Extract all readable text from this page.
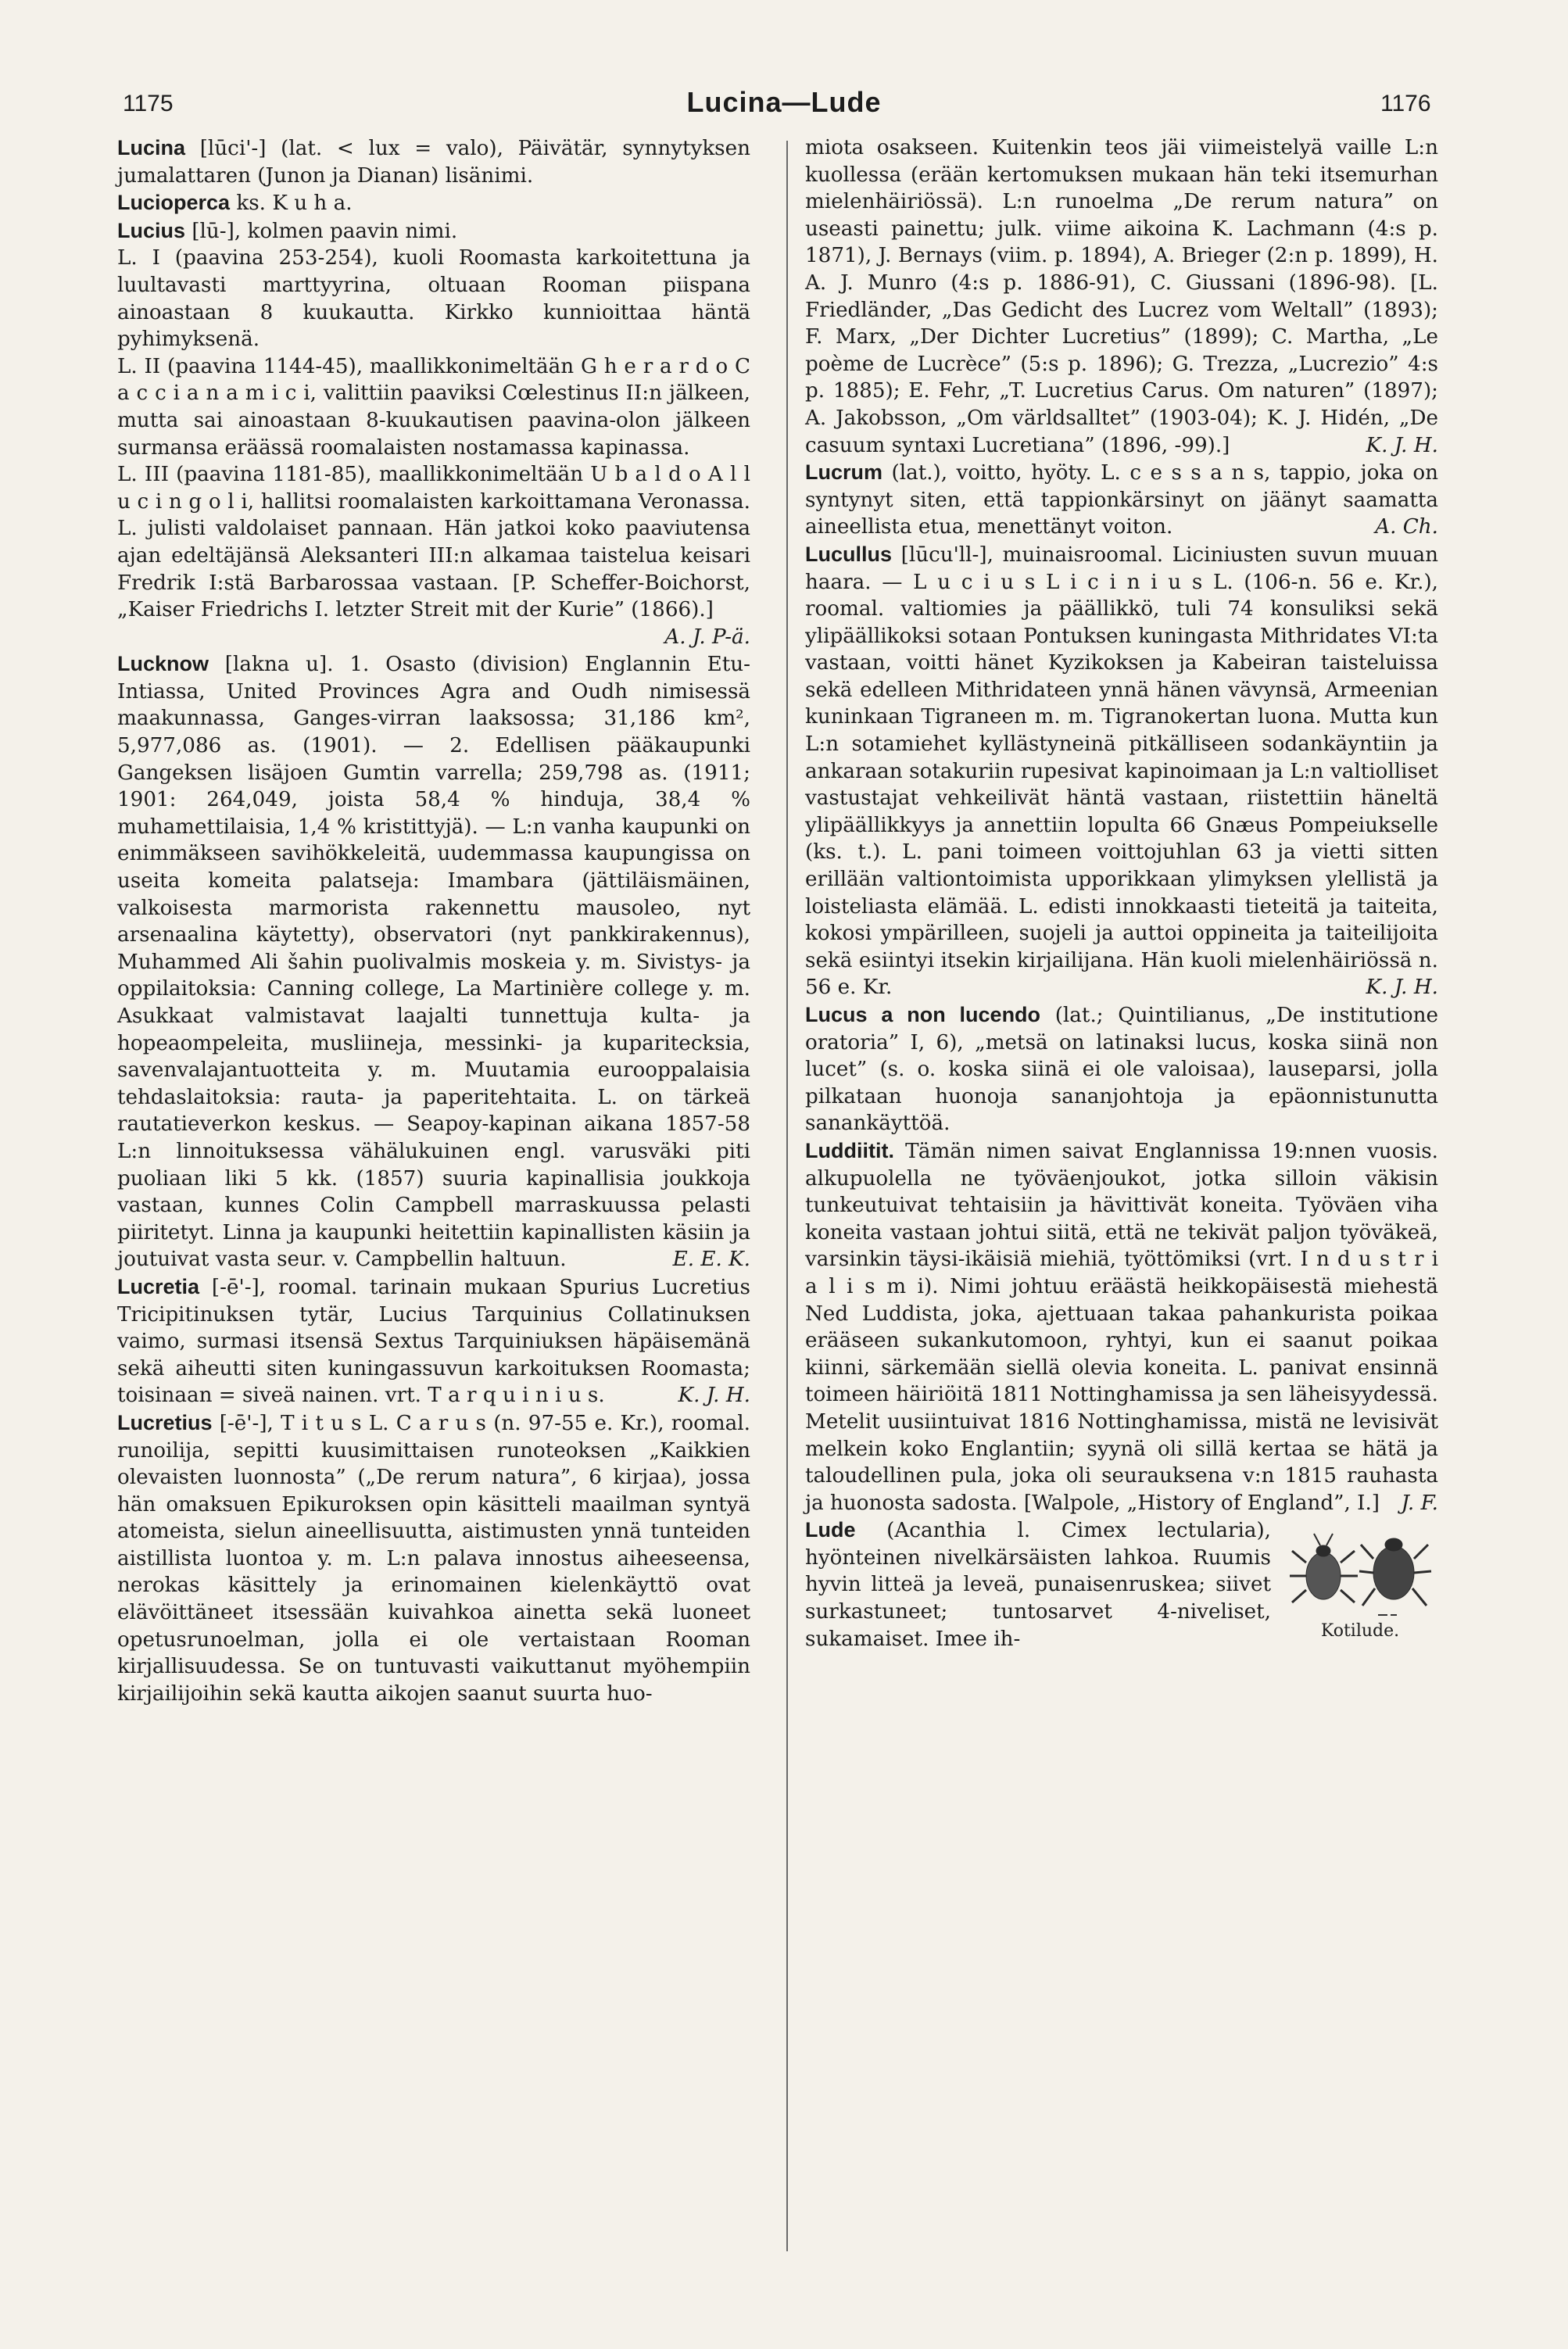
1175	Lucina—Lude	1176

Lucina [lūci'-] (lat. < lux = valo), Päivätär, synnytyksen jumalattaren (Junon ja Dianan) lisänimi.

Lucioperca ks. K u h a.

Lucius [lū-], kolmen paavin nimi.

L. I (paavina 253-254), kuoli Roomasta karkoitettuna ja luultavasti marttyyrina, oltuaan Rooman piispana ainoastaan 8 kuukautta. Kirkko kunnioittaa häntä pyhimyksenä.

L. II (paavina 1144-45), maallikkonimeltään G h e r a r d o C a c c i a n a m i c i, valittiin paaviksi Cœlestinus II:n jälkeen, mutta sai ainoastaan 8-kuukautisen paavina-olon jälkeen surmansa eräässä roomalaisten nostamassa kapinassa.

L. III (paavina 1181-85), maallikkonimeltään U b a l d o A l l u c i n g o l i, hallitsi roomalaisten karkoittamana Veronassa. L. julisti valdolaiset pannaan. Hän jatkoi koko paaviutensa ajan edeltäjänsä Aleksanteri III:n alkamaa taistelua keisari Fredrik I:stä Barbarossaa vastaan. [P. Scheffer-Boichorst, „Kaiser Friedrichs I. letzter Streit mit der Kurie” (1866).]
A. J. P-ä.

Lucknow [lakna u]. 1. Osasto (division) Englannin Etu-Intiassa, United Provinces Agra and Oudh nimisessä maakunnassa, Ganges-virran laaksossa; 31,186 km², 5,977,086 as. (1901). — 2. Edellisen pääkaupunki Gangeksen lisäjoen Gumtin varrella; 259,798 as. (1911; 1901: 264,049, joista 58,4 % hinduja, 38,4 % muhamettilaisia, 1,4 % kristittyjä). — L:n vanha kaupunki on enimmäkseen savihökkeleitä, uudemmassa kaupungissa on useita komeita palatseja: Imambara (jättiläismäinen, valkoisesta marmorista rakennettu mausoleo, nyt arsenaalina käytetty), observatori (nyt pankkirakennus), Muhammed Ali šahin puolivalmis moskeia y. m. Sivistys- ja oppilaitoksia: Canning college, La Martinière college y. m. Asukkaat valmistavat laajalti tunnettuja kulta- ja hopeaompeleita, musliineja, messinki- ja kuparitecksia, savenvalajantuotteita y. m. Muutamia eurooppalaisia tehdaslaitoksia: rauta- ja paperitehtaita. L. on tärkeä rautatieverkon keskus. — Seapoy-kapinan aikana 1857-58 L:n linnoituksessa vähälukuinen engl. varusväki piti puoliaan liki 5 kk. (1857) suuria kapinallisia joukkoja vastaan, kunnes Colin Campbell marraskuussa pelasti piiritetyt. Linna ja kaupunki heitettiin kapinallisten käsiin ja joutuivat vasta seur. v. Campbellin haltuun.	E. E. K.

Lucretia [-ē'-], roomal. tarinain mukaan Spurius Lucretius Tricipitinuksen tytär, Lucius Tarquinius Collatinuksen vaimo, surmasi itsensä Sextus Tarquiniuksen häpäisemänä sekä aiheutti siten kuningassuvun karkoituksen Roomasta; toisinaan = siveä nainen. vrt. T a r q u i n i u s.	K. J. H.

Lucretius [-ē'-], T i t u s L. C a r u s (n. 97-55 e. Kr.), roomal. runoilija, sepitti kuusimittaisen runoteoksen „Kaikkien olevaisten luonnosta” („De rerum natura”, 6 kirjaa), jossa hän omaksuen Epikuroksen opin käsitteli maailman syntyä atomeista, sielun aineellisuutta, aistimusten ynnä tunteiden aistillista luontoa y. m. L:n palava innostus aiheeseensa, nerokas käsittely ja erinomainen kielenkäyttö ovat elävöittäneet itsessään kuivahkoa ainetta sekä luoneet opetusrunoelman, jolla ei ole vertaistaan Rooman kirjallisuudessa. Se on tuntuvasti vaikuttanut myöhempiin kirjailijoihin sekä kautta aikojen saanut suurta huo-

miota osakseen. Kuitenkin teos jäi viimeistelyä vaille L:n kuollessa (erään kertomuksen mukaan hän teki itsemurhan mielenhäiriössä). L:n runoelma „De rerum natura” on useasti painettu; julk. viime aikoina K. Lachmann (4:s p. 1871), J. Bernays (viim. p. 1894), A. Brieger (2:n p. 1899), H. A. J. Munro (4:s p. 1886-91), C. Giussani (1896-98). [L. Friedländer, „Das Gedicht des Lucrez vom Weltall” (1893); F. Marx, „Der Dichter Lucretius” (1899); C. Martha, „Le poème de Lucrèce” (5:s p. 1896); G. Trezza, „Lucrezio” 4:s p. 1885); E. Fehr, „T. Lucretius Carus. Om naturen” (1897); A. Jakobsson, „Om världsalltet” (1903-04); K. J. Hidén, „De casuum syntaxi Lucretiana” (1896, -99).]	K. J. H.

Lucrum (lat.), voitto, hyöty. L. c e s s a n s, tappio, joka on syntynyt siten, että tappionkärsinyt on jäänyt saamatta aineellista etua, menettänyt voiton.	A. Ch.

Lucullus [lūcu'll-], muinaisroomal. Liciniusten suvun muuan haara. — L u c i u s L i c i n i u s L. (106-n. 56 e. Kr.), roomal. valtiomies ja päällikkö, tuli 74 konsuliksi sekä ylipäällikoksi sotaan Pontuksen kuningasta Mithridates VI:ta vastaan, voitti hänet Kyzikoksen ja Kabeiran taisteluissa sekä edelleen Mithridateen ynnä hänen vävynsä, Armeenian kuninkaan Tigraneen m. m. Tigranokertan luona. Mutta kun L:n sotamiehet kyllästyneinä pitkälliseen sodankäyntiin ja ankaraan sotakuriin rupesivat kapinoimaan ja L:n valtiolliset vastustajat vehkeilivät häntä vastaan, riistettiin häneltä ylipäällikkyys ja annettiin lopulta 66 Gnæus Pompeiukselle (ks. t.). L. pani toimeen voittojuhlan 63 ja vietti sitten erillään valtiontoimista upporikkaan ylimyksen ylellistä ja loisteliasta elämää. L. edisti innokkaasti tieteitä ja taiteita, kokosi ympärilleen, suojeli ja auttoi oppineita ja taiteilijoita sekä esiintyi itsekin kirjailijana. Hän kuoli mielenhäiriössä n. 56 e. Kr.	K. J. H.

Lucus a non lucendo (lat.; Quintilianus, „De institutione oratoria” I, 6), „metsä on latinaksi lucus, koska siinä non lucet” (s. o. koska siinä ei ole valoisaa), lauseparsi, jolla pilkataan huonoja sananjohtoja ja epäonnistunutta sanankäyttöä.

Luddiitit. Tämän nimen saivat Englannissa 19:nnen vuosis. alkupuolella ne työväenjoukot, jotka silloin väkisin tunkeutuivat tehtaisiin ja hävittivät koneita. Työväen viha koneita vastaan johtui siitä, että ne tekivät paljon työväkeä, varsinkin täysi-ikäisiä miehiä, työttömiksi (vrt. I n d u s t r i a l i s m i). Nimi johtuu eräästä heikkopäisestä miehestä Ned Luddista, joka, ajettuaan takaa pahankurista poikaa erääseen sukankutomoon, ryhtyi, kun ei saanut poikaa kiinni, särkemään siellä olevia koneita. L. panivat ensinnä toimeen häiriöitä 1811 Nottinghamissa ja sen läheisyydessä. Metelit uusiintuivat 1816 Nottinghamissa, mistä ne levisivät melkein koko Englantiin; syynä oli sillä kertaa se hätä ja taloudellinen pula, joka oli seurauksena v:n 1815 rauhasta ja huonosta sadosta. [Walpole, „History of England”, I.]	J. F.

Kotilude.
Lude (Acanthia l. Cimex lectularia), hyönteinen nivelkärsäisten lahkoa. Ruumis hyvin litteä ja leveä, punaisenruskea; siivet surkastuneet; tuntosarvet 4-niveliset, sukamaiset. Imee ih-
